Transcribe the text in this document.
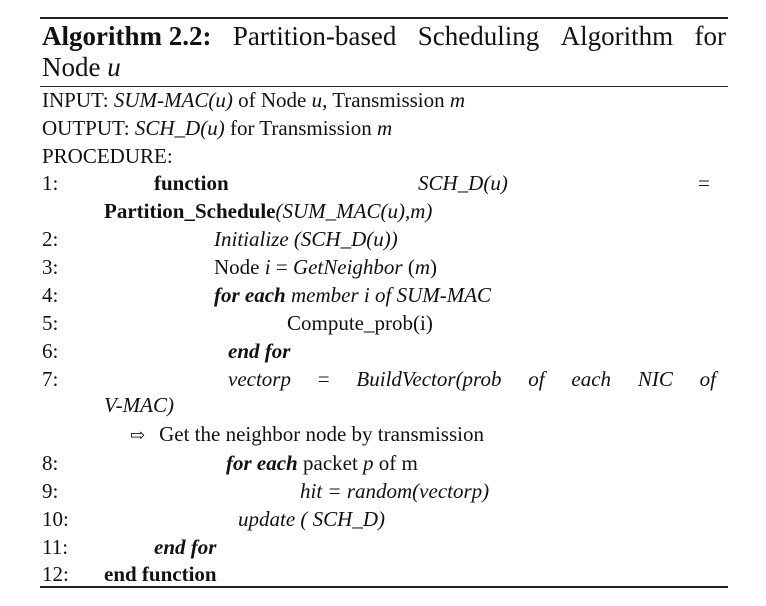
Algorithm 2.2: Partition-based Scheduling Algorithm for
Node u
INPUT: SUM-MAC(u) of Node u, Transmission m
OUTPUT: SCH_D(u) for Transmission m
PROCEDURE:
1:	function	SCH_D(u)	=
Partition_Schedule(SUM_MAC(u),m)
2:	Initialize (SCH_D(u))
3:	Node i = GetNeighbor (m)
4:	for each member i of SUM-MAC
5:	Compute_prob(i)
6:	end for
7:	vectorp = BuildVector(prob of each NIC of
V-MAC)
⇨ Get the neighbor node by transmission
8:	for each packet p of m
9:	hit = random(vectorp)
10:	update ( SCH_D)
11:	end for
12: end function
